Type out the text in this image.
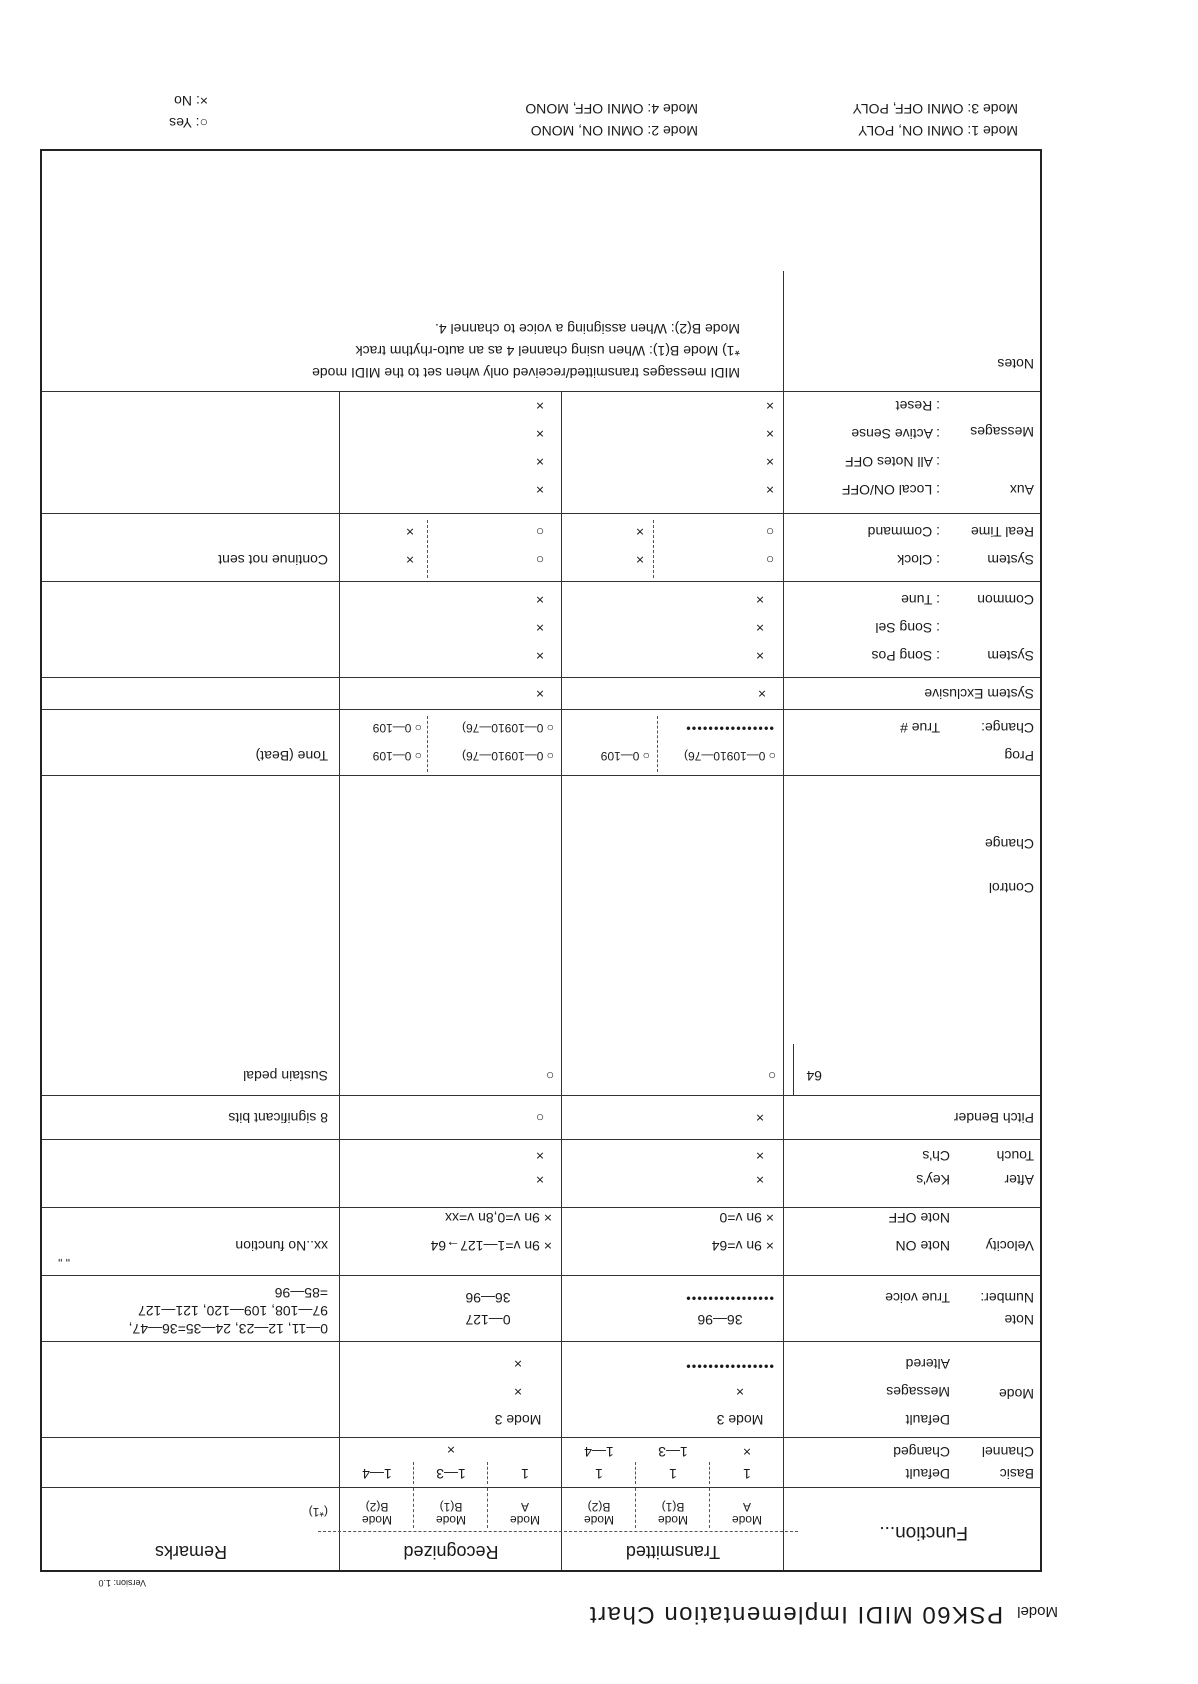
Model
PSK60 MIDI Implementation Chart
Version: 1.0
Function...
Transmitted
Recognized
Remarks
Mode
A
Mode
B(1)
Mode
B(2)
Mode
A
Mode
B(1)
Mode
B(2)
(*1)
Basic
Channel
Default
Changed
1
1
1
×
1—3
1—4
1
1—3
1—4
×
Mode
Default
Messages
Altered
Mode 3
×
••••••••••••••••
Mode 3
×
×
Note
Number:
True voice
36—96
••••••••••••••••
0—127
36—96
0—11, 12—23, 24—35=36—47,
97—108, 109—120, 121—127
=85—96
Velocity
Note ON
Note OFF
× 9n v=64
× 9n v=0
× 9n v=1—127→64
× 9n v=0,8n v=xx
xx..No function
After
Touch
Key's
Ch's
×
×
×
×
Pitch Bender
×
○
8 significant bits
Control
Change
64
○
○
Sustain pedal
Prog
Change:
True #
○ 0—10910—76)
○ 0—109
••••••••••••••••
○ 0—10910—76)
○ 0—109
○ 0—10910—76)
○ 0—109
Tone (Beat)
System Exclusive
×
×
System
Common
: Song Pos
: Song Sel
: Tune
×
×
×
×
×
×
System
Real Time
: Clock
: Command
○
×
○
×
○
×
○
×
Continue not sent
Aux
Messages
: Local ON/OFF
: All Notes OFF
: Active Sense
: Reset
×
×
×
×
×
×
×
×
Notes
MIDI messages transmitted/received only when set to the MIDI mode
*1) Mode B(1): When using channel 4 as an auto-rhythm track
Mode B(2): When assigning a voice to channel 4.
Mode 1: OMNI ON, POLY
Mode 3: OMNI OFF, POLY
Mode 2: OMNI ON, MONO
Mode 4: OMNI OFF, MONO
○: Yes
×: No
" "
